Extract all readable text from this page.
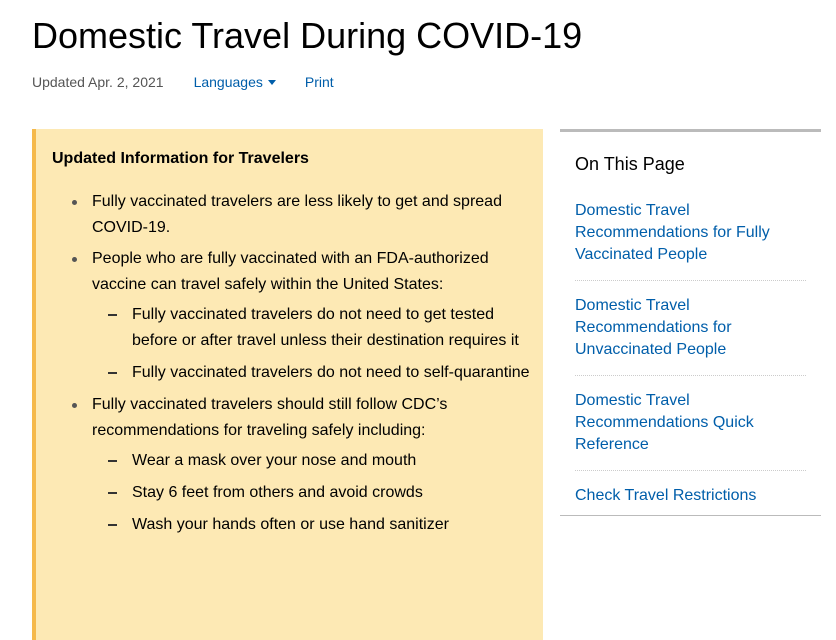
Domestic Travel During COVID-19
Updated Apr. 2, 2021 Languages	Print
Updated Information for Travelers
Fully vaccinated travelers are less likely to get and spread COVID-19.
People who are fully vaccinated with an FDA-authorized vaccine can travel safely within the United States:
Fully vaccinated travelers do not need to get tested before or after travel unless their destination requires it
Fully vaccinated travelers do not need to self-quarantine
Fully vaccinated travelers should still follow CDC’s recommendations for traveling safely including:
Wear a mask over your nose and mouth
Stay 6 feet from others and avoid crowds
Wash your hands often or use hand sanitizer
On This Page
Domestic Travel Recommendations for Fully Vaccinated People
Domestic Travel Recommendations for Unvaccinated People
Domestic Travel Recommendations Quick Reference
Check Travel Restrictions
